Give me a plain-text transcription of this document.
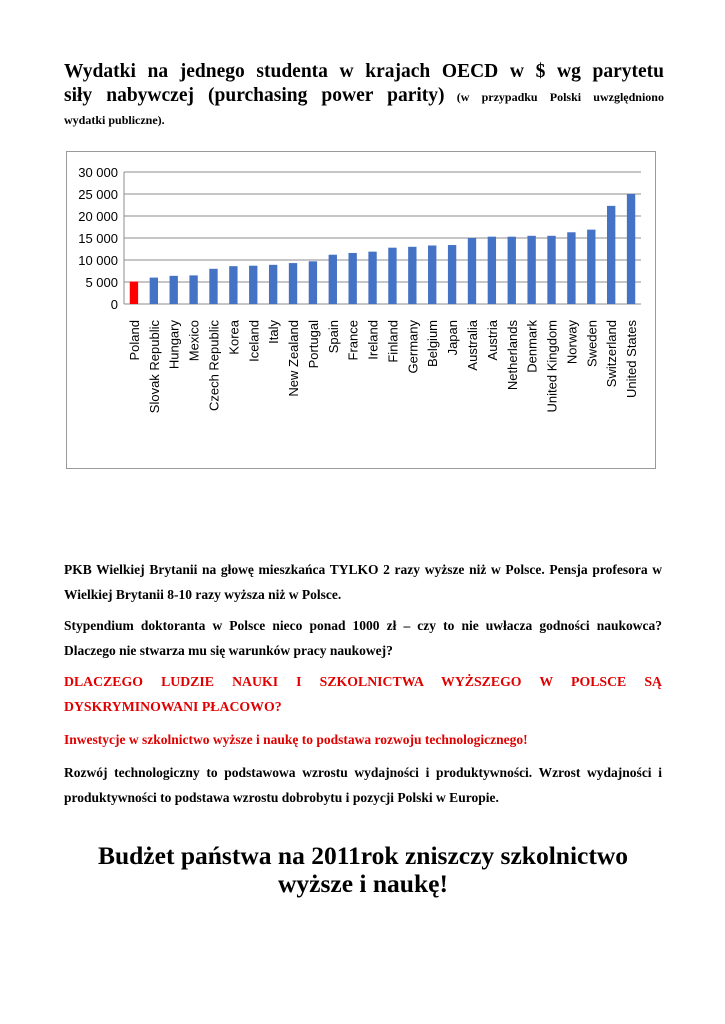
Wydatki na jednego studenta w krajach OECD w $ wg parytetu
siły nabywczej (purchasing power parity) (w przypadku Polski uwzględniono
wydatki publiczne).
0
5 000
10 000
15 000
20 000
25 000
30 000
Poland Slovak Republic Hungary Mexico Czech Republic Korea Iceland Italy New Zealand Portugal Spain France Ireland Finland Germany Belgium Japan Australia Austria Netherlands Denmark United Kingdom Norway Sweden Switzerland United States
PKB Wielkiej Brytanii na głowę mieszkańca TYLKO 2 razy wyższe niż w Polsce. Pensja profesora w Wielkiej Brytanii 8-10 razy wyższa niż w Polsce.
Stypendium doktoranta w Polsce nieco ponad 1000 zł – czy to nie uwłacza godności naukowca? Dlaczego nie stwarza mu się warunków pracy naukowej?
DLACZEGO LUDZIE NAUKI I SZKOLNICTWA WYŻSZEGO W POLSCE SĄ DYSKRYMINOWANI PŁACOWO?
Inwestycje w szkolnictwo wyższe i naukę to podstawa rozwoju technologicznego!
Rozwój technologiczny to podstawowa wzrostu wydajności i produktywności. Wzrost wydajności i produktywności to podstawa wzrostu dobrobytu i pozycji Polski w Europie.
Budżet państwa na 2011rok zniszczy szkolnictwo
wyższe i naukę!
